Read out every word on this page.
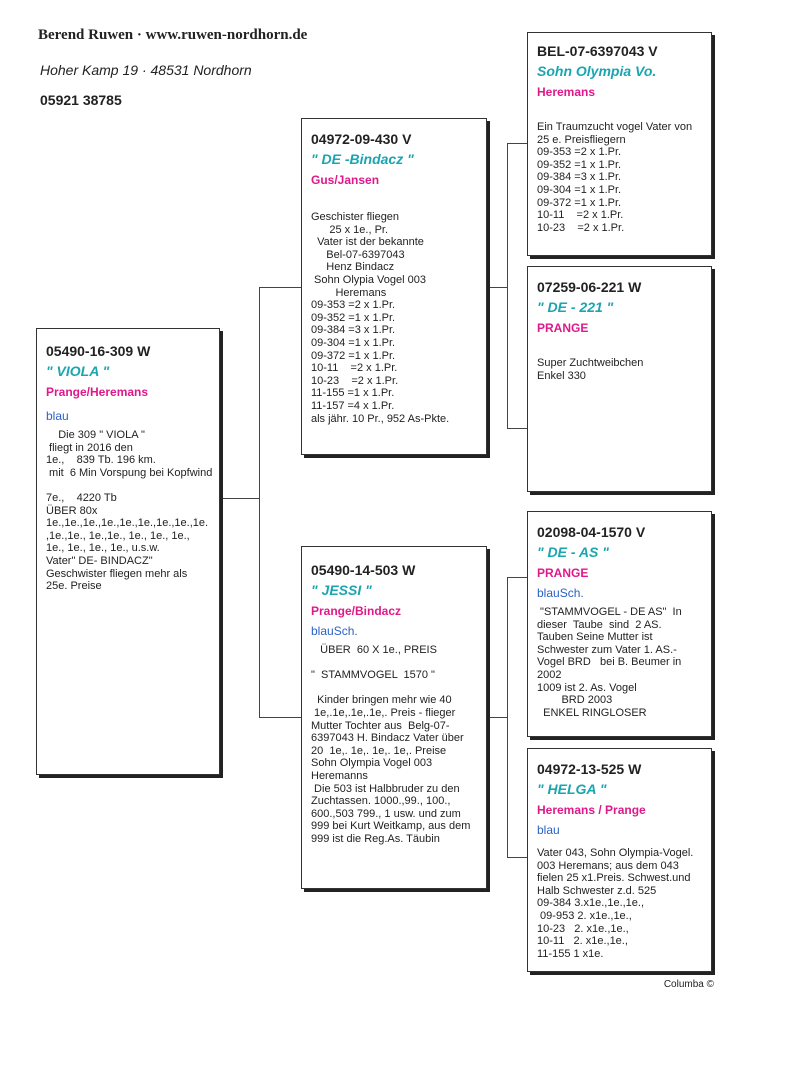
Berend Ruwen · www.ruwen-nordhorn.de
Hoher Kamp 19 · 48531 Nordhorn
05921 38785
05490-16-309 W
" VIOLA "
Prange/Heremans
blau
Die 309 " VIOLA "
fliegt in 2016 den
1e.,    839 Tb. 196 km.
mit  6 Min Vorspung bei Kopfwind

7e.,    4220 Tb
ÜBER 80x
1e.,1e.,1e.,1e.,1e.,1e.,1e.,1e.,1e.
,1e.,1e., 1e.,1e., 1e., 1e., 1e.,
1e., 1e., 1e., 1e., u.s.w.
Vater" DE- BINDACZ"
Geschwister fliegen mehr als
25e. Preise
04972-09-430 V
" DE -Bindacz "
Gus/Jansen
Geschister fliegen
25 x 1e., Pr.
Vater ist der bekannte
Bel-07-6397043
Henz Bindacz
Sohn Olypia Vogel 003
Heremans
09-353 =2 x 1.Pr.
09-352 =1 x 1.Pr.
09-384 =3 x 1.Pr.
09-304 =1 x 1.Pr.
09-372 =1 x 1.Pr.
10-11    =2 x 1.Pr.
10-23    =2 x 1.Pr.
11-155 =1 x 1.Pr.
11-157 =4 x 1.Pr.
als jähr. 10 Pr., 952 As-Pkte.
05490-14-503 W
" JESSI "
Prange/Bindacz
blauSch.
ÜBER  60 X 1e., PREIS

"  STAMMVOGEL  1570 "

Kinder bringen mehr wie 40
1e,.1e,.1e,.1e,. Preis - flieger
Mutter Tochter aus  Belg-07-
6397043 H. Bindacz Vater über
20  1e,. 1e,. 1e,. 1e,. Preise
Sohn Olympia Vogel 003
Heremanns
Die 503 ist Halbbruder zu den
Zuchtassen. 1000.,99., 100.,
600.,503 799., 1 usw. und zum
999 bei Kurt Weitkamp, aus dem
999 ist die Reg.As. Täubin
BEL-07-6397043 V
Sohn Olympia Vo.
Heremans
Ein Traumzucht vogel Vater von
25 e. Preisfliegern
09-353 =2 x 1.Pr.
09-352 =1 x 1.Pr.
09-384 =3 x 1.Pr.
09-304 =1 x 1.Pr.
09-372 =1 x 1.Pr.
10-11    =2 x 1.Pr.
10-23    =2 x 1.Pr.
07259-06-221 W
" DE - 221 "
PRANGE
Super Zuchtweibchen
Enkel 330
02098-04-1570 V
" DE - AS "
PRANGE
blauSch.
"STAMMVOGEL - DE AS"  In
dieser  Taube  sind  2 AS.
Tauben Seine Mutter ist
Schwester zum Vater 1. AS.-
Vogel BRD   bei B. Beumer in
2002
1009 ist 2. As. Vogel
BRD 2003
ENKEL RINGLOSER
04972-13-525 W
" HELGA "
Heremans / Prange
blau
Vater 043, Sohn Olympia-Vogel.
003 Heremans; aus dem 043
fielen 25 x1.Preis. Schwest.und
Halb Schwester z.d. 525
09-384 3.x1e.,1e.,1e.,
09-953 2. x1e.,1e.,
10-23   2. x1e.,1e.,
10-11   2. x1e.,1e.,
11-155 1 x1e.
Columba ©
